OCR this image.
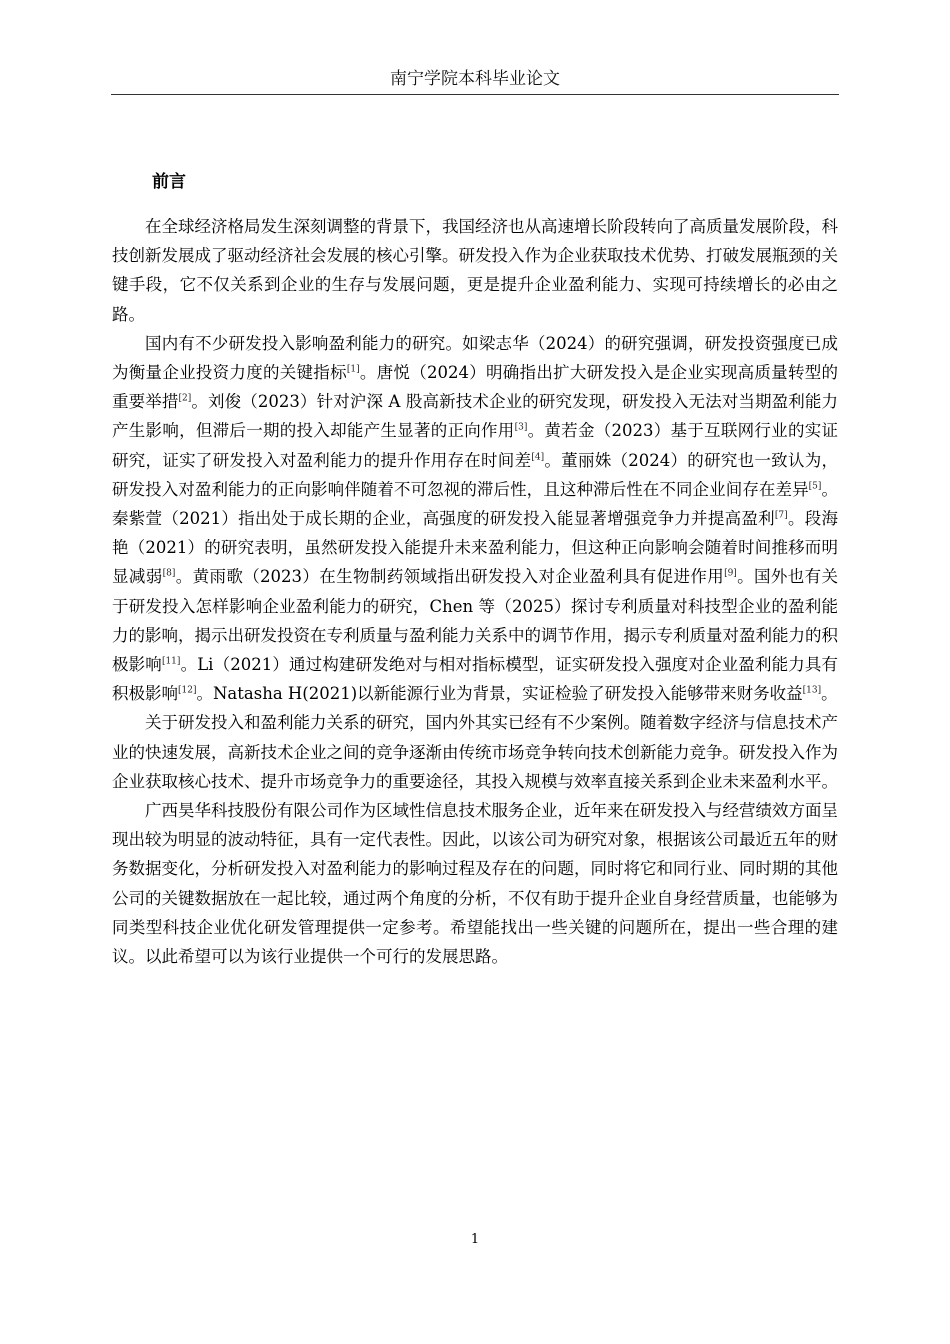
南宁学院本科毕业论文
前言

在全球经济格局发生深刻调整的背景下，我国经济也从高速增长阶段转向了高质量发展阶段，科技创新发展成了驱动经济社会发展的核心引擎。研发投入作为企业获取技术优势、打破发展瓶颈的关键手段，它不仅关系到企业的生存与发展问题，更是提升企业盈利能力、实现可持续增长的必由之路。

国内有不少研发投入影响盈利能力的研究。如梁志华（2024）的研究强调，研发投资强度已成为衡量企业投资力度的关键指标[1]。唐悦（2024）明确指出扩大研发投入是企业实现高质量转型的重要举措[2]。刘俊（2023）针对沪深 A 股高新技术企业的研究发现，研发投入无法对当期盈利能力产生影响，但滞后一期的投入却能产生显著的正向作用[3]。黄若金（2023）基于互联网行业的实证研究，证实了研发投入对盈利能力的提升作用存在时间差[4]。董丽姝（2024）的研究也一致认为，研发投入对盈利能力的正向影响伴随着不可忽视的滞后性，且这种滞后性在不同企业间存在差异[5]。秦紫萱（2021）指出处于成长期的企业，高强度的研发投入能显著增强竞争力并提高盈利[7]。段海艳（2021）的研究表明，虽然研发投入能提升未来盈利能力，但这种正向影响会随着时间推移而明显减弱[8]。黄雨歌（2023）在生物制药领域指出研发投入对企业盈利具有促进作用[9]。国外也有关于研发投入怎样影响企业盈利能力的研究，Chen 等（2025）探讨专利质量对科技型企业的盈利能力的影响，揭示出研发投资在专利质量与盈利能力关系中的调节作用，揭示专利质量对盈利能力的积极影响[11]。Li（2021）通过构建研发绝对与相对指标模型，证实研发投入强度对企业盈利能力具有积极影响[12]。Natasha H(2021)以新能源行业为背景，实证检验了研发投入能够带来财务收益[13]。

关于研发投入和盈利能力关系的研究，国内外其实已经有不少案例。随着数字经济与信息技术产业的快速发展，高新技术企业之间的竞争逐渐由传统市场竞争转向技术创新能力竞争。研发投入作为企业获取核心技术、提升市场竞争力的重要途径，其投入规模与效率直接关系到企业未来盈利水平。

广西昊华科技股份有限公司作为区域性信息技术服务企业，近年来在研发投入与经营绩效方面呈现出较为明显的波动特征，具有一定代表性。因此，以该公司为研究对象，根据该公司最近五年的财务数据变化，分析研发投入对盈利能力的影响过程及存在的问题，同时将它和同行业、同时期的其他公司的关键数据放在一起比较，通过两个角度的分析，不仅有助于提升企业自身经营质量，也能够为同类型科技企业优化研发管理提供一定参考。希望能找出一些关键的问题所在，提出一些合理的建议。以此希望可以为该行业提供一个可行的发展思路。

1
